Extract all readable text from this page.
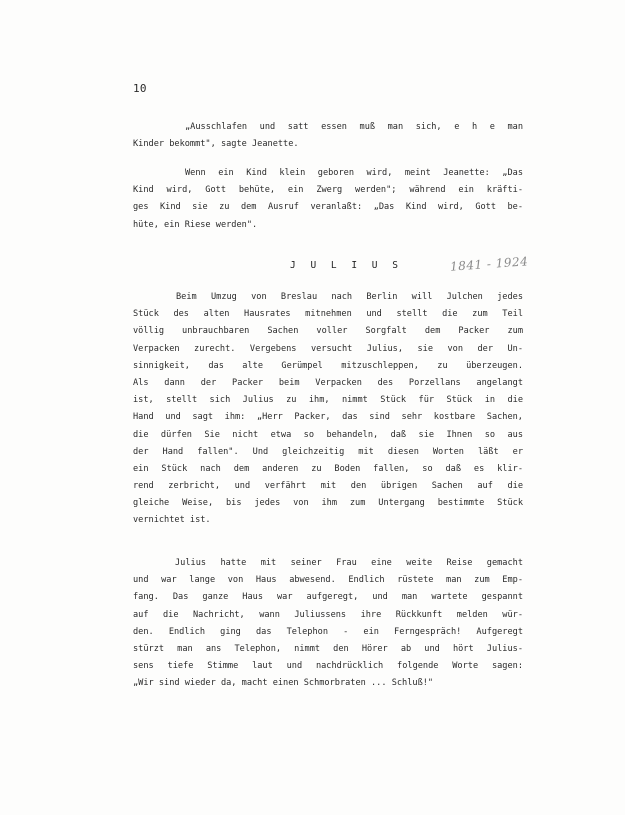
10
„Ausschlafen und satt essen muß man sich, e h e man
Kinder bekommt", sagte Jeanette.
Wenn ein Kind klein geboren wird, meint Jeanette: „Das
Kind wird, Gott behüte, ein Zwerg werden"; während ein kräfti-
ges Kind sie zu dem Ausruf veranlaßt: „Das Kind wird, Gott be-
hüte, ein Riese werden".
J U L I U S	1841 - 1924
Beim Umzug von Breslau nach Berlin will Julchen jedes
Stück des alten Hausrates mitnehmen und stellt die zum Teil
völlig unbrauchbaren Sachen voller Sorgfalt dem Packer zum
Verpacken zurecht. Vergebens versucht Julius, sie von der Un-
sinnigkeit, das alte Gerümpel mitzuschleppen, zu überzeugen.
Als dann der Packer beim Verpacken des Porzellans angelangt
ist, stellt sich Julius zu ihm, nimmt Stück für Stück in die
Hand und sagt ihm: „Herr Packer, das sind sehr kostbare Sachen,
die dürfen Sie nicht etwa so behandeln, daß sie Ihnen so aus
der Hand fallen". Und gleichzeitig mit diesen Worten läßt er
ein Stück nach dem anderen zu Boden fallen, so daß es klir-
rend zerbricht, und verfährt mit den übrigen Sachen auf die
gleiche Weise, bis jedes von ihm zum Untergang bestimmte Stück
vernichtet ist.
Julius hatte mit seiner Frau eine weite Reise gemacht
und war lange von Haus abwesend. Endlich rüstete man zum Emp-
fang. Das ganze Haus war aufgeregt, und man wartete gespannt
auf die Nachricht, wann Juliussens ihre Rückkunft melden wür-
den. Endlich ging das Telephon - ein Ferngespräch! Aufgeregt
stürzt man ans Telephon, nimmt den Hörer ab und hört Julius-
sens tiefe Stimme laut und nachdrücklich folgende Worte sagen:
„Wir sind wieder da, macht einen Schmorbraten ... Schluß!"
